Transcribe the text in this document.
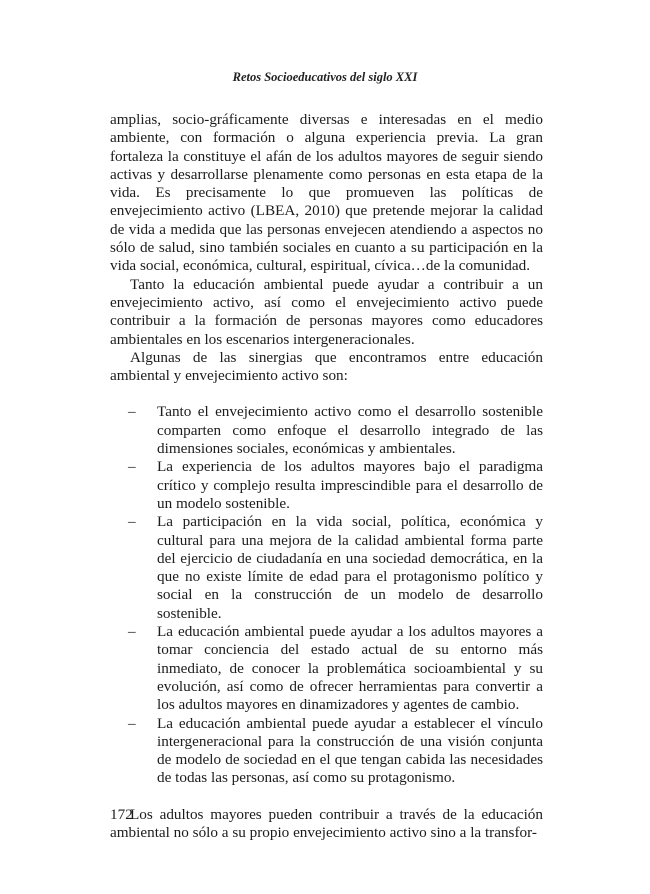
Retos Socioeducativos del siglo XXI

amplias, socio-gráficamente diversas e interesadas en el medio ambiente, con formación o alguna experiencia previa. La gran fortaleza la constituye el afán de los adultos mayores de seguir siendo activas y desarrollarse plenamente como personas en esta etapa de la vida. Es precisamente lo que promueven las políticas de envejecimiento activo (LBEA, 2010) que pretende mejorar la calidad de vida a medida que las personas envejecen atendiendo a aspectos no sólo de salud, sino también sociales en cuanto a su participación en la vida social, económica, cultural, espiritual, cívica…de la comunidad.

Tanto la educación ambiental puede ayudar a contribuir a un envejecimiento activo, así como el envejecimiento activo puede contribuir a la formación de personas mayores como educadores ambientales en los escenarios intergeneracionales.

Algunas de las sinergias que encontramos entre educación ambiental y envejecimiento activo son:

– Tanto el envejecimiento activo como el desarrollo sostenible comparten como enfoque el desarrollo integrado de las dimensiones sociales, económicas y ambientales.
– La experiencia de los adultos mayores bajo el paradigma crítico y complejo resulta imprescindible para el desarrollo de un modelo sostenible.
– La participación en la vida social, política, económica y cultural para una mejora de la calidad ambiental forma parte del ejercicio de ciudadanía en una sociedad democrática, en la que no existe límite de edad para el protagonismo político y social en la construcción de un modelo de desarrollo sostenible.
– La educación ambiental puede ayudar a los adultos mayores a tomar conciencia del estado actual de su entorno más inmediato, de conocer la problemática socioambiental y su evolución, así como de ofrecer herramientas para convertir a los adultos mayores en dinamizadores y agentes de cambio.
– La educación ambiental puede ayudar a establecer el vínculo intergeneracional para la construcción de una visión conjunta de modelo de sociedad en el que tengan cabida las necesidades de todas las personas, así como su protagonismo.

Los adultos mayores pueden contribuir a través de la educación ambiental no sólo a su propio envejecimiento activo sino a la transfor-

172
